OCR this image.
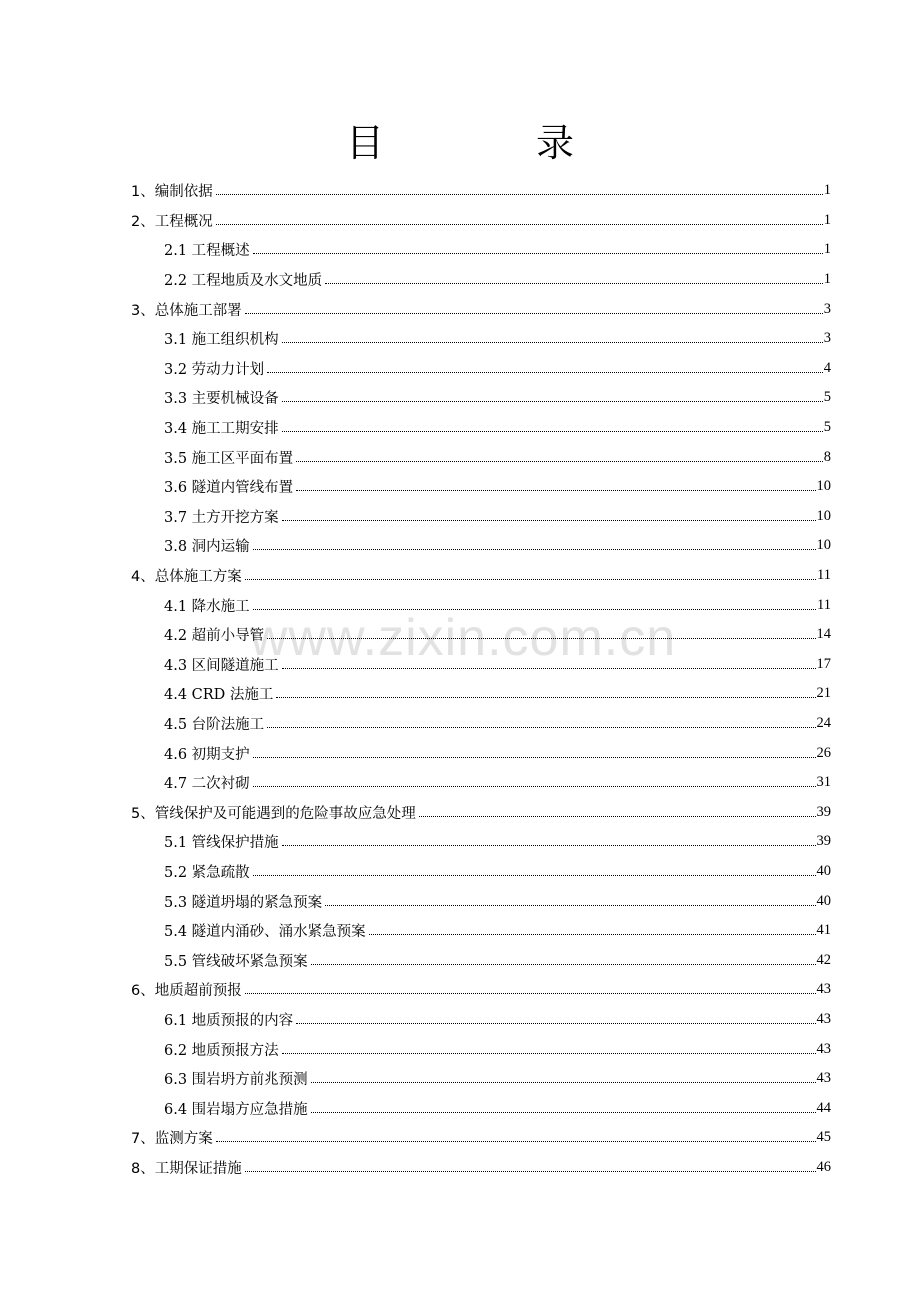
目 录
www.zixin.com.cn
1、编制依据	1
2、工程概况	1
2.1 工程概述	1
2.2 工程地质及水文地质	1
3、总体施工部署	3
3.1 施工组织机构	3
3.2 劳动力计划	4
3.3 主要机械设备	5
3.4 施工工期安排	5
3.5 施工区平面布置	8
3.6 隧道内管线布置	10
3.7 土方开挖方案	10
3.8 洞内运输	10
4、总体施工方案	11
4.1 降水施工	11
4.2 超前小导管	14
4.3 区间隧道施工	17
4.4 CRD 法施工	21
4.5 台阶法施工	24
4.6 初期支护	26
4.7 二次衬砌	31
5、管线保护及可能遇到的危险事故应急处理	39
5.1 管线保护措施	39
5.2 紧急疏散	40
5.3 隧道坍塌的紧急预案	40
5.4 隧道内涌砂、涌水紧急预案	41
5.5 管线破坏紧急预案	42
6、地质超前预报	43
6.1 地质预报的内容	43
6.2 地质预报方法	43
6.3 围岩坍方前兆预测	43
6.4 围岩塌方应急措施	44
7、监测方案	45
8、工期保证措施	46
